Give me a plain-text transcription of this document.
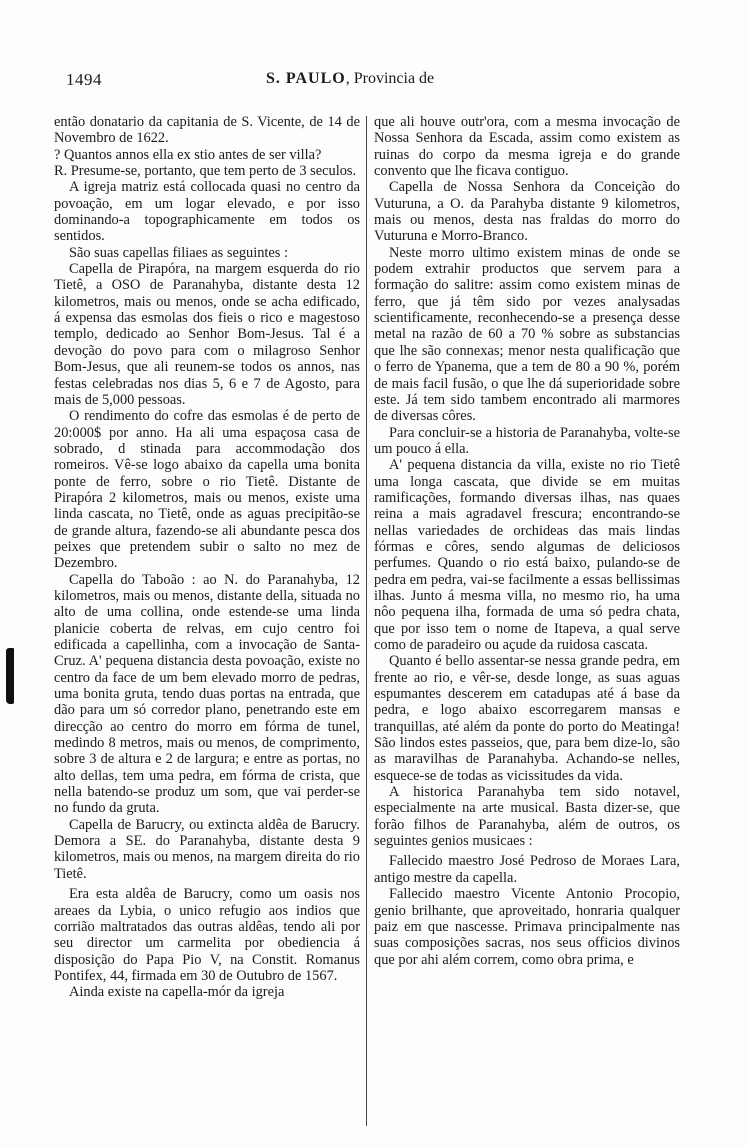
1494	S. PAULO, Provincia de

então donatario da capitania de S. Vicente, de 14 de Novembro de 1622.

? Quantos annos ella ex stio antes de ser villa?

R. Presume-se, portanto, que tem perto de 3 seculos.

A igreja matriz está collocada quasi no centro da povoação, em um logar elevado, e por isso dominando-a topographicamente em todos os sentidos.

São suas capellas filiaes as seguintes :

Capella de Pirapóra, na margem esquerda do rio Tietê, a OSO de Paranahyba, distante desta 12 kilometros, mais ou menos, onde se acha edificado, á expensa das esmolas dos fieis o rico e magestoso templo, dedicado ao Senhor Bom-Jesus. Tal é a devoção do povo para com o milagroso Senhor Bom-Jesus, que ali reunem-se todos os annos, nas festas celebradas nos dias 5, 6 e 7 de Agosto, para mais de 5,000 pessoas.

O rendimento do cofre das esmolas é de perto de 20:000$ por anno. Ha ali uma espaçosa casa de sobrado, d stinada para accommodação dos romeiros. Vê-se logo abaixo da capella uma bonita ponte de ferro, sobre o rio Tietê. Distante de Pirapóra 2 kilometros, mais ou menos, existe uma linda cascata, no Tietê, onde as aguas precipitão-se de grande altura, fazendo-se ali abundante pesca dos peixes que pretendem subir o salto no mez de Dezembro.

Capella do Taboão : ao N. do Paranahyba, 12 kilometros, mais ou menos, distante della, situada no alto de uma collina, onde estende-se uma linda planicie coberta de relvas, em cujo centro foi edificada a capellinha, com a invocação de Santa-Cruz. A' pequena distancia desta povoação, existe no centro da face de um bem elevado morro de pedras, uma bonita gruta, tendo duas portas na entrada, que dão para um só corredor plano, penetrando este em direcção ao centro do morro em fórma de tunel, medindo 8 metros, mais ou menos, de comprimento, sobre 3 de altura e 2 de largura; e entre as portas, no alto dellas, tem uma pedra, em fórma de crista, que nella batendo-se produz um som, que vai perder-se no fundo da gruta.

Capella de Barucry, ou extincta aldêa de Barucry. Demora a SE. do Paranahyba, distante desta 9 kilometros, mais ou menos, na margem direita do rio Tietê.

Era esta aldêa de Barucry, como um oasis nos areaes da Lybia, o unico refugio aos indios que corrião maltratados das outras aldêas, tendo ali por seu director um carmelita por obediencia á disposição do Papa Pio V, na Constit. Romanus Pontifex, 44, firmada em 30 de Outubro de 1567.

Ainda existe na capella-mór da igreja

que ali houve outr'ora, com a mesma invocação de Nossa Senhora da Escada, assim como existem as ruinas do corpo da mesma igreja e do grande convento que lhe ficava contiguo.

Capella de Nossa Senhora da Conceição do Vuturuna, a O. da Parahyba distante 9 kilometros, mais ou menos, desta nas fraldas do morro do Vuturuna e Morro-Branco.

Neste morro ultimo existem minas de onde se podem extrahir productos que servem para a formação do salitre: assim como existem minas de ferro, que já têm sido por vezes analysadas scientificamente, reconhecendo-se a presença desse metal na razão de 60 a 70 % sobre as substancias que lhe são connexas; menor nesta qualificação que o ferro de Ypanema, que a tem de 80 a 90 %, porém de mais facil fusão, o que lhe dá superioridade sobre este. Já tem sido tambem encontrado ali marmores de diversas côres.

Para concluir-se a historia de Paranahyba, volte-se um pouco á ella.

A' pequena distancia da villa, existe no rio Tietê uma longa cascata, que divide se em muitas ramificações, formando diversas ilhas, nas quaes reina a mais agradavel frescura; encontrando-se nellas variedades de orchideas das mais lindas fórmas e côres, sendo algumas de deliciosos perfumes. Quando o rio está baixo, pulando-se de pedra em pedra, vai-se facilmente a essas bellissimas ilhas. Junto á mesma villa, no mesmo rio, ha uma nôo pequena ilha, formada de uma só pedra chata, que por isso tem o nome de Itapeva, a qual serve como de paradeiro ou açude da ruidosa cascata.

Quanto é bello assentar-se nessa grande pedra, em frente ao rio, e vêr-se, desde longe, as suas aguas espumantes descerem em catadupas até á base da pedra, e logo abaixo escorregarem mansas e tranquillas, até além da ponte do porto do Meatinga! São lindos estes passeios, que, para bem dize-lo, são as maravilhas de Paranahyba. Achando-se nelles, esquece-se de todas as vicissitudes da vida.

A historica Paranahyba tem sido notavel, especialmente na arte musical. Basta dizer-se, que forão filhos de Paranahyba, além de outros, os seguintes genios musicaes :

Fallecido maestro José Pedroso de Moraes Lara, antigo mestre da capella.

Fallecido maestro Vicente Antonio Procopio, genio brilhante, que aproveitado, honraria qualquer paiz em que nascesse. Primava principalmente nas suas composições sacras, nos seus officios divinos que por ahi além correm, como obra prima, e
